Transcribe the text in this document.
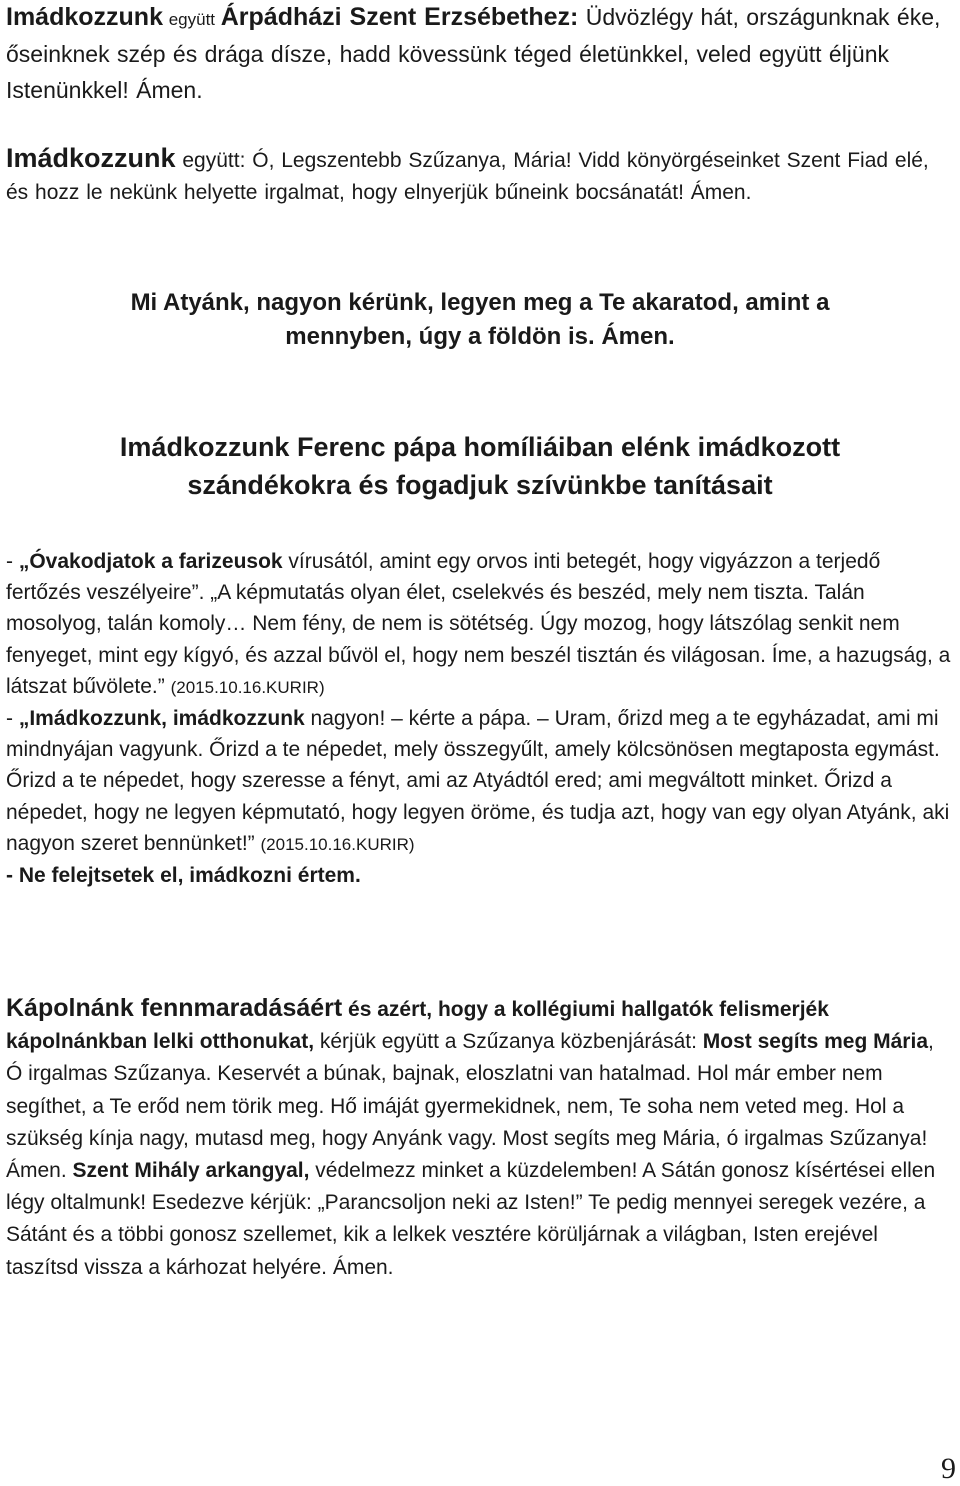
Imádkozzunk együtt Árpádházi Szent Erzsébethez: Üdvözlégy hát, országunknak éke, őseinknek szép és drága dísze, hadd kövessünk téged életünkkel, veled együtt éljünk Istenünkkel! Ámen.

Imádkozzunk együtt: Ó, Legszentebb Szűzanya, Mária! Vidd könyörgéseinket Szent Fiad elé, és hozz le nekünk helyette irgalmat, hogy elnyerjük bűneink bocsánatát! Ámen.

Mi Atyánk, nagyon kérünk, legyen meg a Te akaratod, amint a
mennyben, úgy a földön is. Ámen.
Imádkozzunk Ferenc pápa homíliáiban elénk imádkozott
szándékokra és fogadjuk szívünkbe tanításait

- „Óvakodjatok a farizeusok vírusától, amint egy orvos inti betegét, hogy vigyázzon a terjedő fertőzés veszélyeire”. „A képmutatás olyan élet, cselekvés és beszéd, mely nem tiszta. Talán mosolyog, talán komoly… Nem fény, de nem is sötétség. Úgy mozog, hogy látszólag senkit nem fenyeget, mint egy kígyó, és azzal bűvöl el, hogy nem beszél tisztán és világosan. Íme, a hazugság, a látszat bűvölete.” (2015.10.16.KURIR)
- „Imádkozzunk, imádkozzunk nagyon! – kérte a pápa. – Uram, őrizd meg a te egyházadat, ami mi mindnyájan vagyunk. Őrizd a te népedet, mely összegyűlt, amely kölcsönösen megtaposta egymást. Őrizd a te népedet, hogy szeresse a fényt, ami az Atyádtól ered; ami megváltott minket. Őrizd a népedet, hogy ne legyen képmutató, hogy legyen öröme, és tudja azt, hogy van egy olyan Atyánk, aki nagyon szeret bennünket!” (2015.10.16.KURIR)
- Ne felejtsetek el, imádkozni értem.

Kápolnánk fennmaradásáért és azért, hogy a kollégiumi hallgatók felismerjék kápolnánkban lelki otthonukat, kérjük együtt a Szűzanya közbenjárását: Most segíts meg Mária, Ó irgalmas Szűzanya. Keservét a búnak, bajnak, eloszlatni van hatalmad. Hol már ember nem segíthet, a Te erőd nem törik meg. Hő imáját gyermekidnek, nem, Te soha nem veted meg. Hol a szükség kínja nagy, mutasd meg, hogy Anyánk vagy. Most segíts meg Mária, ó irgalmas Szűzanya! Ámen. Szent Mihály arkangyal, védelmezz minket a küzdelemben! A Sátán gonosz kísértései ellen légy oltalmunk! Esedezve kérjük: „Parancsoljon neki az Isten!” Te pedig mennyei seregek vezére, a Sátánt és a többi gonosz szellemet, kik a lelkek vesztére körüljárnak a világban, Isten erejével taszítsd vissza a kárhozat helyére. Ámen.

9
